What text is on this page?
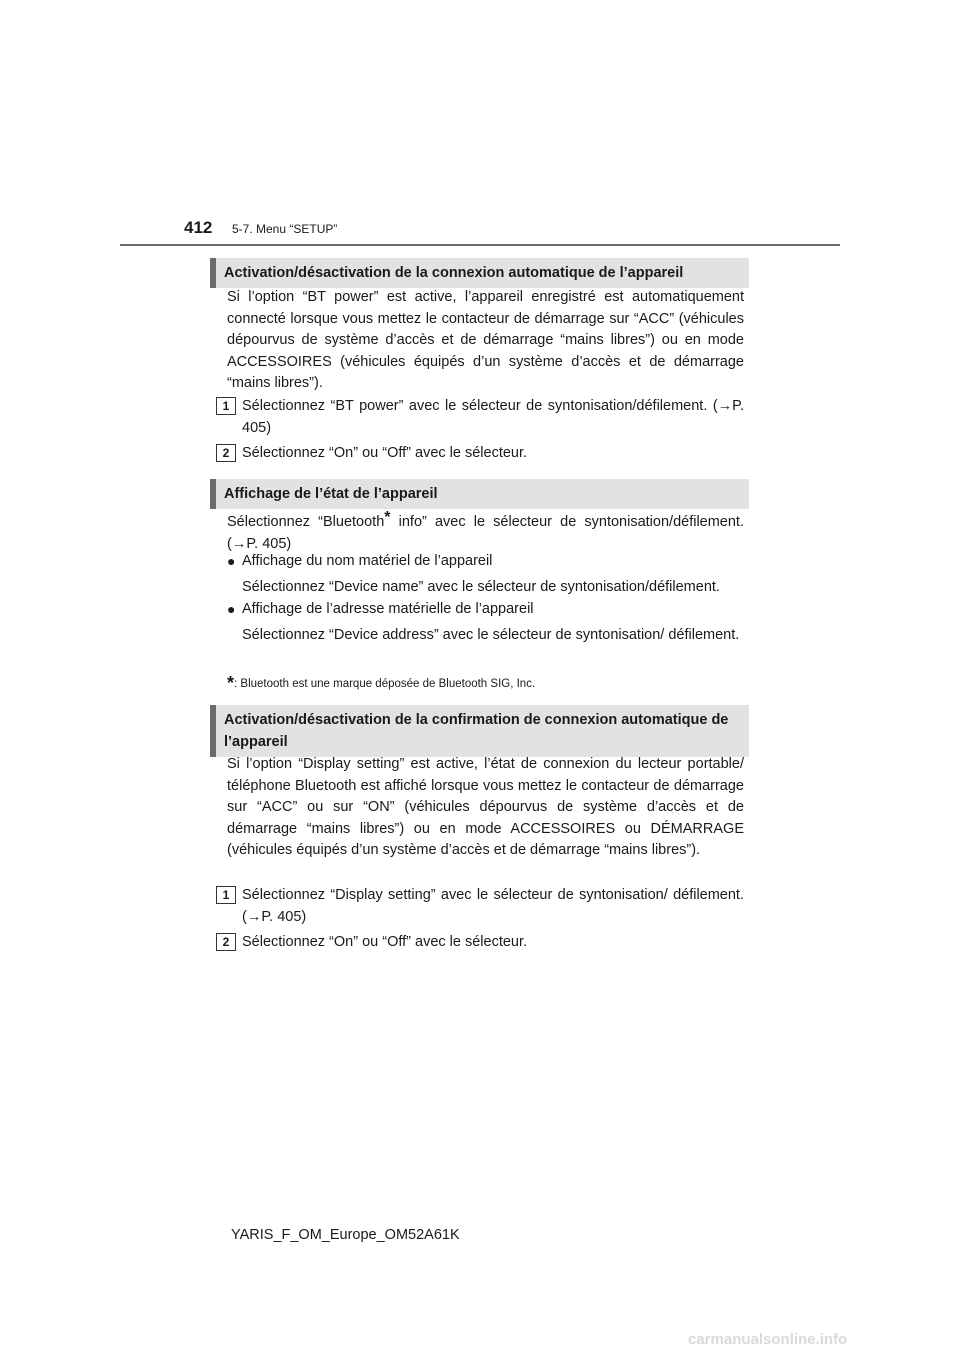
412 5-7. Menu “SETUP”
Activation/désactivation de la connexion automatique de l’appareil
Si l’option “BT power” est active, l’appareil enregistré est automatiquement connecté lorsque vous mettez le contacteur de démarrage sur “ACC” (véhicules dépourvus de système d’accès et de démarrage “mains libres”) ou en mode ACCESSOIRES (véhicules équipés d’un système d’accès et de démarrage “mains libres”).
1 Sélectionnez “BT power” avec le sélecteur de syntonisation/défilement. (→P. 405)
2 Sélectionnez “On” ou “Off” avec le sélecteur.
Affichage de l’état de l’appareil
Sélectionnez “Bluetooth* info” avec le sélecteur de syntonisation/défilement. (→P. 405)
● Affichage du nom matériel de l’appareil
Sélectionnez “Device name” avec le sélecteur de syntonisation/défilement.
● Affichage de l’adresse matérielle de l’appareil
Sélectionnez “Device address” avec le sélecteur de syntonisation/ défilement.
*: Bluetooth est une marque déposée de Bluetooth SIG, Inc.
Activation/désactivation de la confirmation de connexion automatique de l’appareil
Si l’option “Display setting” est active, l’état de connexion du lecteur portable/ téléphone Bluetooth est affiché lorsque vous mettez le contacteur de démarrage sur “ACC” ou sur “ON” (véhicules dépourvus de système d’accès et de démarrage “mains libres”) ou en mode ACCESSOIRES ou DÉMARRAGE (véhicules équipés d’un système d’accès et de démarrage “mains libres”).
1 Sélectionnez “Display setting” avec le sélecteur de syntonisation/ défilement. (→P. 405)
2 Sélectionnez “On” ou “Off” avec le sélecteur.
YARIS_F_OM_Europe_OM52A61K
carmanualsonline.info
